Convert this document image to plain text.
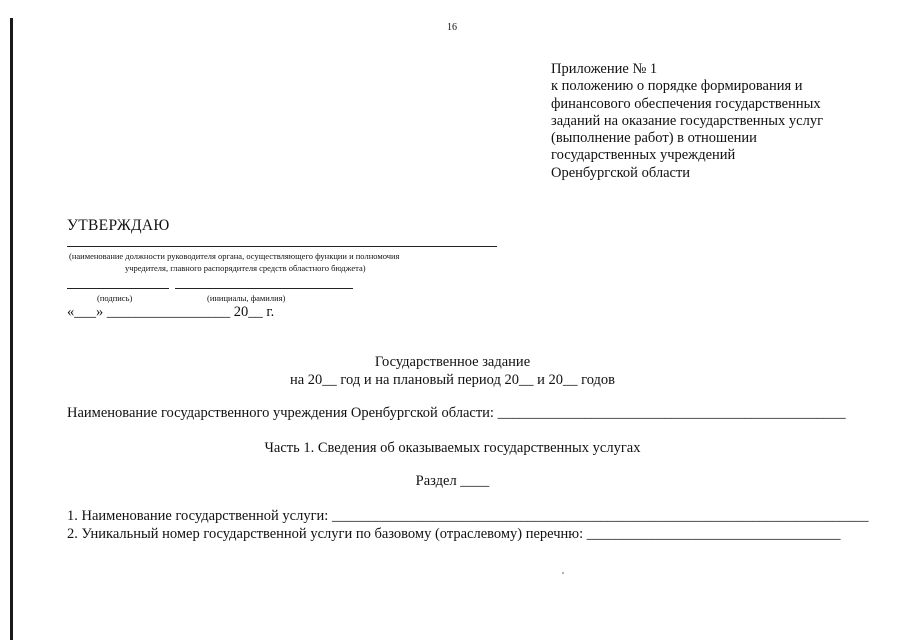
16
Приложение № 1
к положению о порядке формирования и
финансового обеспечения государственных
заданий на оказание государственных услуг
(выполнение работ) в отношении
государственных учреждений
Оренбургской области
УТВЕРЖДАЮ
(наименование должности руководителя органа, осуществляющего функции и полномочия
учредителя, главного распорядителя средств областного бюджета)
(подпись)	(инициалы, фамилия)
«___» _________________ 20__ г.
Государственное задание
на 20__ год и на плановый период 20__ и 20__ годов
Наименование государственного учреждения Оренбургской области: ________________________________________________
Часть 1. Сведения об оказываемых государственных услугах
Раздел ____
1. Наименование государственной услуги: __________________________________________________________________________
2. Уникальный номер государственной услуги по базовому (отраслевому) перечню: ___________________________________
